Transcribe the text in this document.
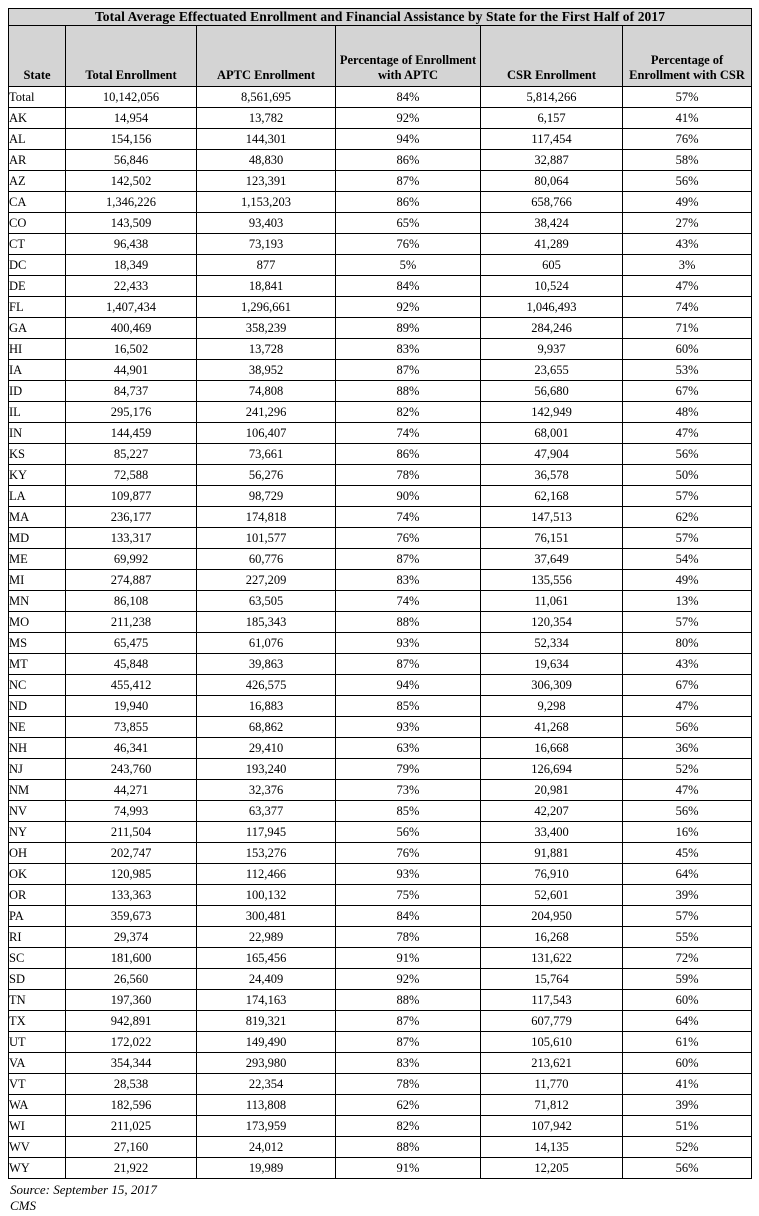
Total Average Effectuated Enrollment and Financial Assistance by State for the First Half of 2017					
State	Total Enrollment	APTC Enrollment	Percentage of Enrollment with APTC	CSR Enrollment	Percentage of Enrollment with CSR
Total	10,142,056	8,561,695	84%	5,814,266	57%
AK	14,954	13,782	92%	6,157	41%
AL	154,156	144,301	94%	117,454	76%
AR	56,846	48,830	86%	32,887	58%
AZ	142,502	123,391	87%	80,064	56%
CA	1,346,226	1,153,203	86%	658,766	49%
CO	143,509	93,403	65%	38,424	27%
CT	96,438	73,193	76%	41,289	43%
DC	18,349	877	5%	605	3%
DE	22,433	18,841	84%	10,524	47%
FL	1,407,434	1,296,661	92%	1,046,493	74%
GA	400,469	358,239	89%	284,246	71%
HI	16,502	13,728	83%	9,937	60%
IA	44,901	38,952	87%	23,655	53%
ID	84,737	74,808	88%	56,680	67%
IL	295,176	241,296	82%	142,949	48%
IN	144,459	106,407	74%	68,001	47%
KS	85,227	73,661	86%	47,904	56%
KY	72,588	56,276	78%	36,578	50%
LA	109,877	98,729	90%	62,168	57%
MA	236,177	174,818	74%	147,513	62%
MD	133,317	101,577	76%	76,151	57%
ME	69,992	60,776	87%	37,649	54%
MI	274,887	227,209	83%	135,556	49%
MN	86,108	63,505	74%	11,061	13%
MO	211,238	185,343	88%	120,354	57%
MS	65,475	61,076	93%	52,334	80%
MT	45,848	39,863	87%	19,634	43%
NC	455,412	426,575	94%	306,309	67%
ND	19,940	16,883	85%	9,298	47%
NE	73,855	68,862	93%	41,268	56%
NH	46,341	29,410	63%	16,668	36%
NJ	243,760	193,240	79%	126,694	52%
NM	44,271	32,376	73%	20,981	47%
NV	74,993	63,377	85%	42,207	56%
NY	211,504	117,945	56%	33,400	16%
OH	202,747	153,276	76%	91,881	45%
OK	120,985	112,466	93%	76,910	64%
OR	133,363	100,132	75%	52,601	39%
PA	359,673	300,481	84%	204,950	57%
RI	29,374	22,989	78%	16,268	55%
SC	181,600	165,456	91%	131,622	72%
SD	26,560	24,409	92%	15,764	59%
TN	197,360	174,163	88%	117,543	60%
TX	942,891	819,321	87%	607,779	64%
UT	172,022	149,490	87%	105,610	61%
VA	354,344	293,980	83%	213,621	60%
VT	28,538	22,354	78%	11,770	41%
WA	182,596	113,808	62%	71,812	39%
WI	211,025	173,959	82%	107,942	51%
WV	27,160	24,012	88%	14,135	52%
WY	21,922	19,989	91%	12,205	56%
Source: September 15, 2017 CMS
